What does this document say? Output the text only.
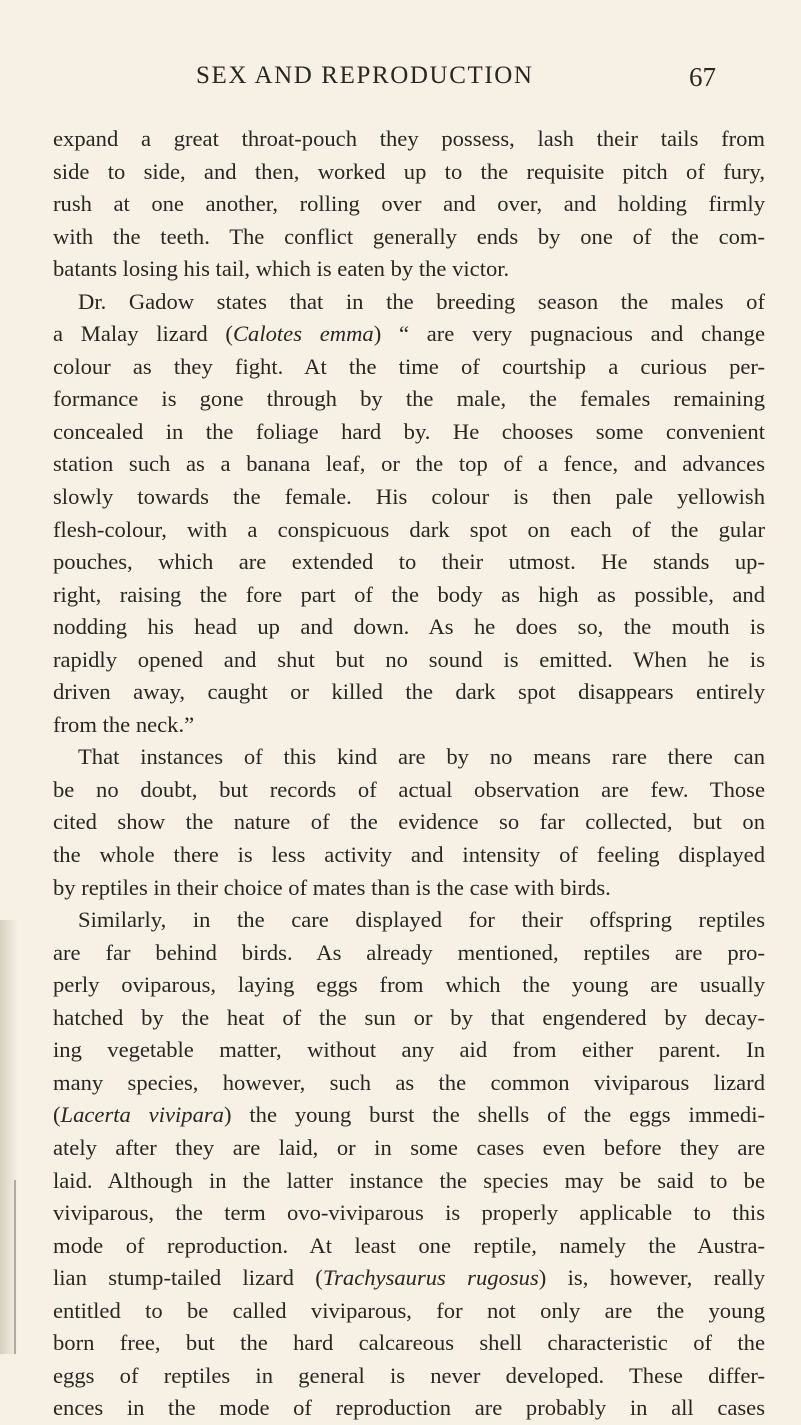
SEX AND REPRODUCTION	67
expand a great throat-pouch they possess, lash their tails from
side to side, and then, worked up to the requisite pitch of fury,
rush at one another, rolling over and over, and holding firmly
with the teeth. The conflict generally ends by one of the com-
batants losing his tail, which is eaten by the victor.
Dr. Gadow states that in the breeding season the males of
a Malay lizard (Calotes emma) “ are very pugnacious and change
colour as they fight. At the time of courtship a curious per-
formance is gone through by the male, the females remaining
concealed in the foliage hard by. He chooses some convenient
station such as a banana leaf, or the top of a fence, and advances
slowly towards the female. His colour is then pale yellowish
flesh-colour, with a conspicuous dark spot on each of the gular
pouches, which are extended to their utmost. He stands up-
right, raising the fore part of the body as high as possible, and
nodding his head up and down. As he does so, the mouth is
rapidly opened and shut but no sound is emitted. When he is
driven away, caught or killed the dark spot disappears entirely
from the neck.”
That instances of this kind are by no means rare there can
be no doubt, but records of actual observation are few. Those
cited show the nature of the evidence so far collected, but on
the whole there is less activity and intensity of feeling displayed
by reptiles in their choice of mates than is the case with birds.
Similarly, in the care displayed for their offspring reptiles
are far behind birds. As already mentioned, reptiles are pro-
perly oviparous, laying eggs from which the young are usually
hatched by the heat of the sun or by that engendered by decay-
ing vegetable matter, without any aid from either parent. In
many species, however, such as the common viviparous lizard
(Lacerta vivipara) the young burst the shells of the eggs immedi-
ately after they are laid, or in some cases even before they are
laid. Although in the latter instance the species may be said to be
viviparous, the term ovo-viviparous is properly applicable to this
mode of reproduction. At least one reptile, namely the Austra-
lian stump-tailed lizard (Trachysaurus rugosus) is, however, really
entitled to be called viviparous, for not only are the young
born free, but the hard calcareous shell characteristic of the
eggs of reptiles in general is never developed. These differ-
ences in the mode of reproduction are probably in all cases
